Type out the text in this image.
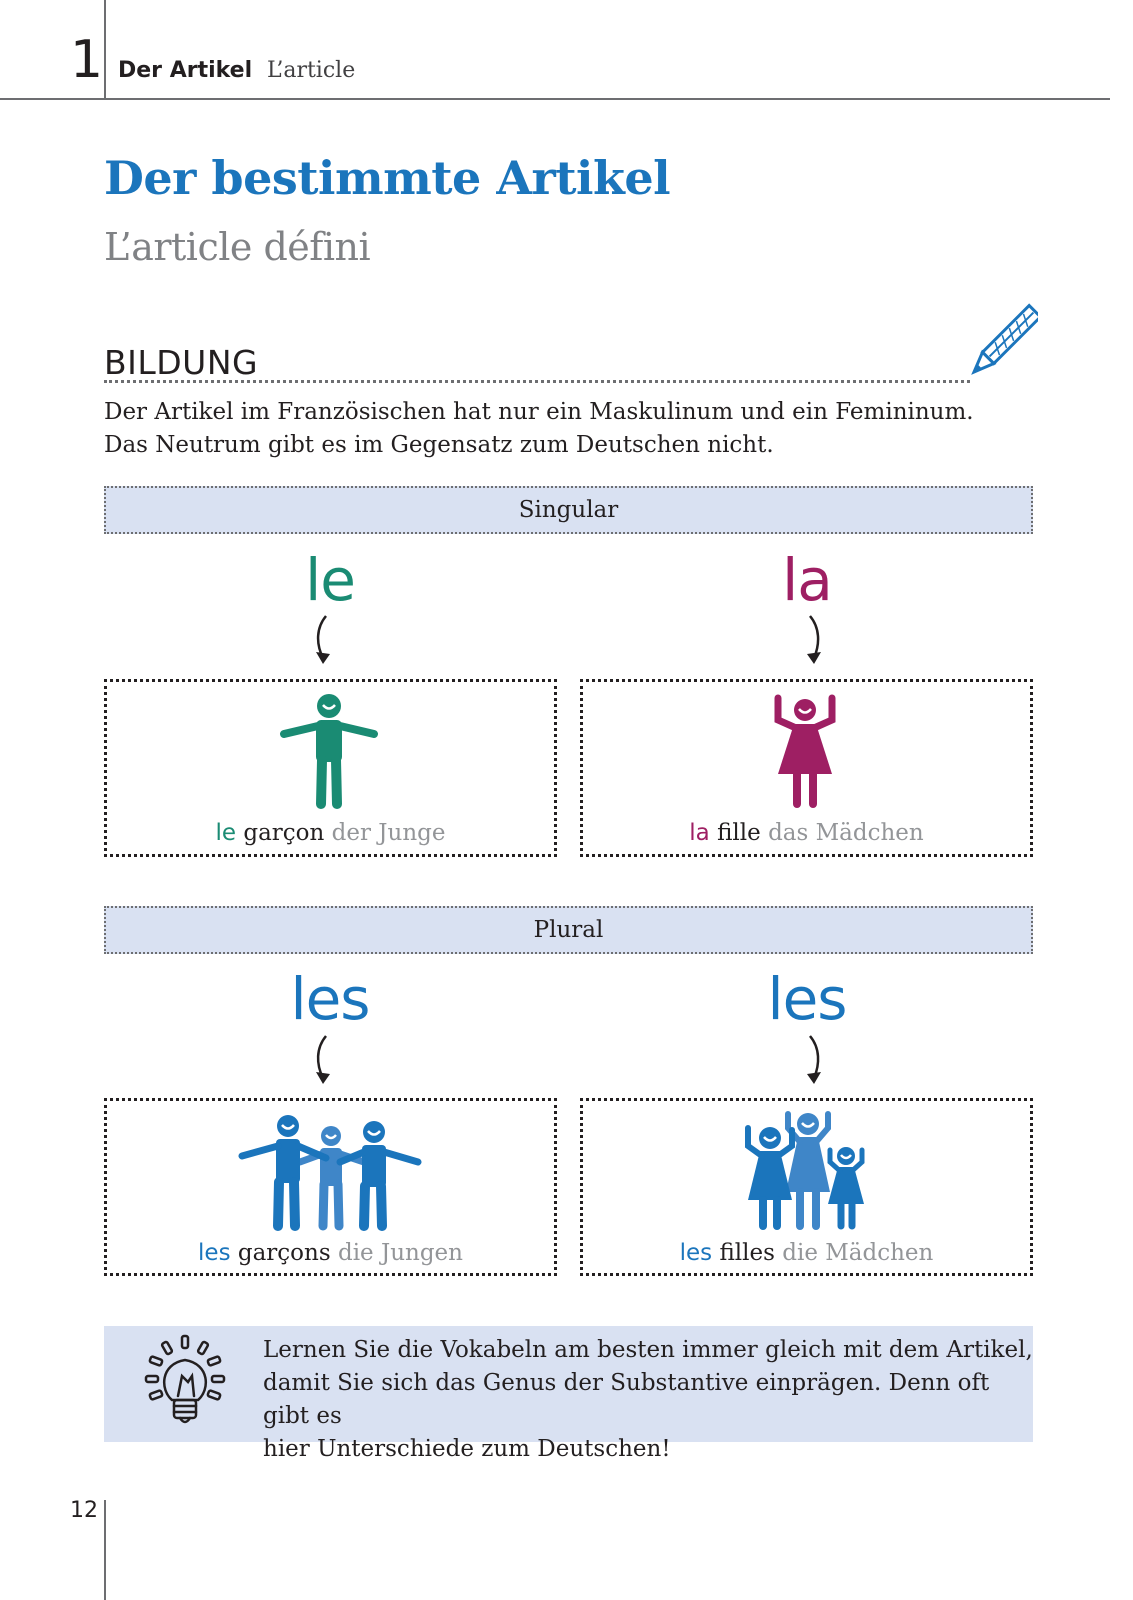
1 Der Artikel L’article
Der bestimmte Artikel
L’article défini
BILDUNG
Der Artikel im Französischen hat nur ein Maskulinum und ein Femininum.
Das Neutrum gibt es im Gegensatz zum Deutschen nicht.
Singular
le	la
le garçon der Junge	la fille das Mädchen
Plural
les	les
les garçons die Jungen	les filles die Mädchen
Lernen Sie die Vokabeln am besten immer gleich mit dem Artikel,
damit Sie sich das Genus der Substantive einprägen. Denn oft gibt es
hier Unterschiede zum Deutschen!
12
